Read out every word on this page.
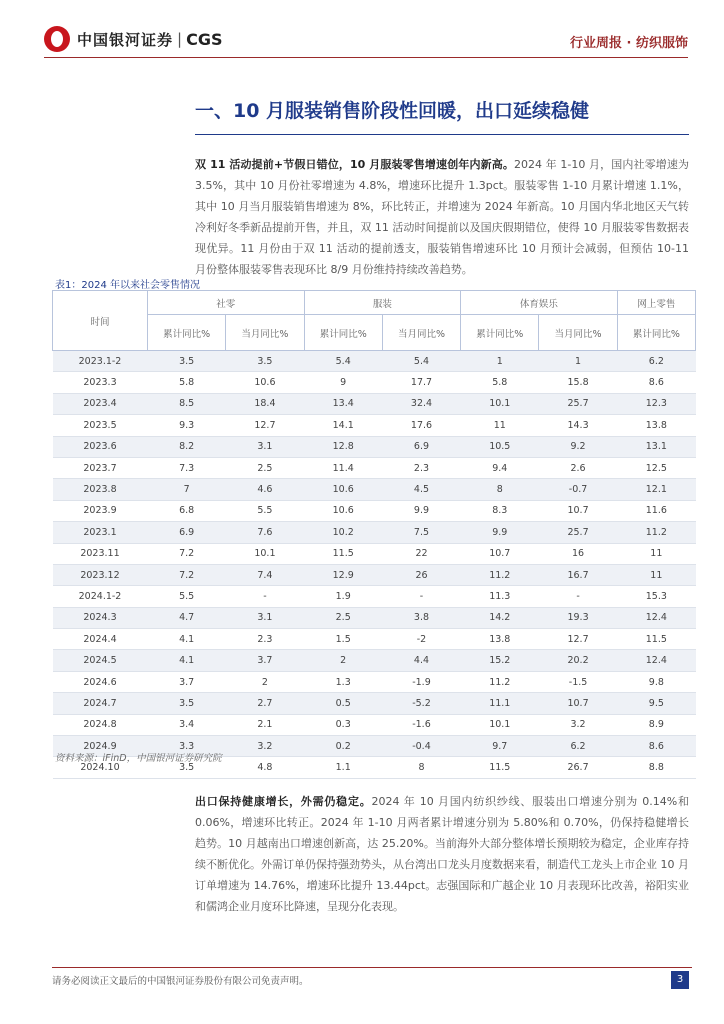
中国银河证券 | CGS	行业周报 · 纺织服饰
一、10 月服装销售阶段性回暖，出口延续稳健

双 11 活动提前+节假日错位，10 月服装零售增速创年内新高。2024 年 1-10 月，国内社零增速为 3.5%，其中 10 月份社零增速为 4.8%，增速环比提升 1.3pct。服装零售 1-10 月累计增速 1.1%，其中 10 月当月服装销售增速为 8%，环比转正，并增速为 2024 年新高。10 月国内华北地区天气转冷利好冬季新品提前开售，并且，双 11 活动时间提前以及国庆假期错位，使得 10 月服装零售数据表现优异。11 月份由于双 11 活动的提前透支，服装销售增速环比 10 月预计会减弱，但预估 10-11 月份整体服装零售表现环比 8/9 月份维持持续改善趋势。

表1：2024 年以来社会零售情况
时间	社零		服装		体育娱乐		网上零售
	累计同比%	当月同比%	累计同比%	当月同比%	累计同比%	当月同比%	累计同比%
2023.1-2	3.5	3.5	5.4	5.4	1	1	6.2
2023.3	5.8	10.6	9	17.7	5.8	15.8	8.6
2023.4	8.5	18.4	13.4	32.4	10.1	25.7	12.3
2023.5	9.3	12.7	14.1	17.6	11	14.3	13.8
2023.6	8.2	3.1	12.8	6.9	10.5	9.2	13.1
2023.7	7.3	2.5	11.4	2.3	9.4	2.6	12.5
2023.8	7	4.6	10.6	4.5	8	-0.7	12.1
2023.9	6.8	5.5	10.6	9.9	8.3	10.7	11.6
2023.1	6.9	7.6	10.2	7.5	9.9	25.7	11.2
2023.11	7.2	10.1	11.5	22	10.7	16	11
2023.12	7.2	7.4	12.9	26	11.2	16.7	11
2024.1-2	5.5	-	1.9	-	11.3	-	15.3
2024.3	4.7	3.1	2.5	3.8	14.2	19.3	12.4
2024.4	4.1	2.3	1.5	-2	13.8	12.7	11.5
2024.5	4.1	3.7	2	4.4	15.2	20.2	12.4
2024.6	3.7	2	1.3	-1.9	11.2	-1.5	9.8
2024.7	3.5	2.7	0.5	-5.2	11.1	10.7	9.5
2024.8	3.4	2.1	0.3	-1.6	10.1	3.2	8.9
2024.9	3.3	3.2	0.2	-0.4	9.7	6.2	8.6
2024.10	3.5	4.8	1.1	8	11.5	26.7	8.8
资料来源：iFinD，中国银河证券研究院

出口保持健康增长，外需仍稳定。2024 年 10 月国内纺织纱线、服装出口增速分别为 0.14%和 0.06%，增速环比转正。2024 年 1-10 月两者累计增速分别为 5.80%和 0.70%，仍保持稳健增长趋势。10 月越南出口增速创新高，达 25.20%。当前海外大部分整体增长预期较为稳定，企业库存持续不断优化。外需订单仍保持强劲势头，从台湾出口龙头月度数据来看，制造代工龙头上市企业 10 月订单增速为 14.76%，增速环比提升 13.44pct。志强国际和广越企业 10 月表现环比改善，裕阳实业和儒鸿企业月度环比降速，呈现分化表现。

请务必阅读正文最后的中国银河证券股份有限公司免责声明。	3
